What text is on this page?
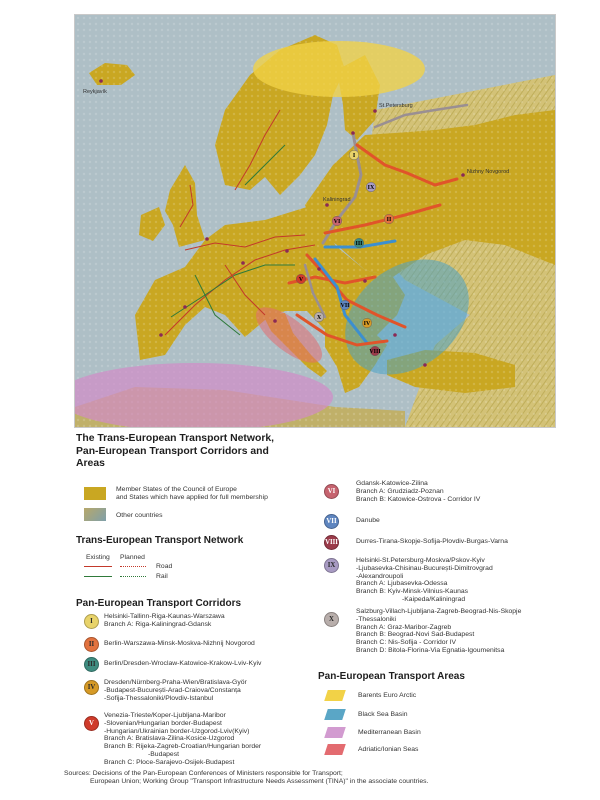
I
II
III
IV
V
VI
VII
VIII
IX
X
St.Petersburg
Nizhny Novgorod
Kaliningrad
Reykjavík
The Trans-European Transport Network, Pan-European Transport Corridors and Areas
Member States of the Council of Europe
and States which have applied for full membership
Other countries
Trans-European Transport Network
Existing Planned
Road
Rail
Pan-European Transport Corridors
I
Helsinki-Tallinn-Riga-Kaunas-Warszawa
Branch A: Riga-Kaliningrad-Gdansk
II	Berlin-Warszawa-Minsk-Moskva-Nizhnij Novgorod
III	Berlin/Dresden-Wroclaw-Katowice-Krakow-Lviv-Kyiv
IV
Dresden/Nürnberg-Praha-Wien/Bratislava-Györ
-Budapest-București-Arad-Craiova/Constanța
-Sofija-Thessaloniki/Plovdiv-Istanbul
V
Venezia-Trieste/Koper-Ljubljana-Maribor
-Slovenian/Hungarian border-Budapest
-Hungarian/Ukrainian border-Uzgorod-Lviv(Kyiv)
Branch A: Bratislava-Zilina-Kosice-Uzgorod
Branch B: Rijeka-Zagreb-Croatian/Hungarian border
-Budapest
Branch C: Ploce-Sarajevo-Osijek-Budapest
VI
Gdansk-Katowice-Zilina
Branch A: Grudziadz-Poznan
Branch B: Katowice-Ostrova - Corridor IV
VII	Danube
VIII	Durres-Tirana-Skopje-Sofija-Plovdiv-Burgas-Varna
IX
Helsinki-St.Petersburg-Moskva/Pskov-Kyiv
-Ljubasevka-Chisinau-București-Dimitrovgrad
-Alexandroupoli
Branch A: Ljubasevka-Odessa
Branch B: Kyiv-Minsk-Vilnius-Kaunas
-Kaipeda/Kaliningrad
X
Salzburg-Villach-Ljubljana-Zagreb-Beograd-Nis-Skopje
-Thessaloniki
Branch A: Graz-Maribor-Zagreb
Branch B: Beograd-Novi Sad-Budapest
Branch C: Nis-Sofija - Corridor IV
Branch D: Bitola-Florina-Via Egnatia-Igoumenitsa
Pan-European Transport Areas
Barents Euro Arctic
Black Sea Basin
Mediterranean Basin
Adriatic/Ionian Seas
Sources: Decisions of the Pan-European Conferences of Ministers responsible for Transport;
European Union; Working Group "Transport Infrastructure Needs Assessment (TINA)" in the associate countries.
